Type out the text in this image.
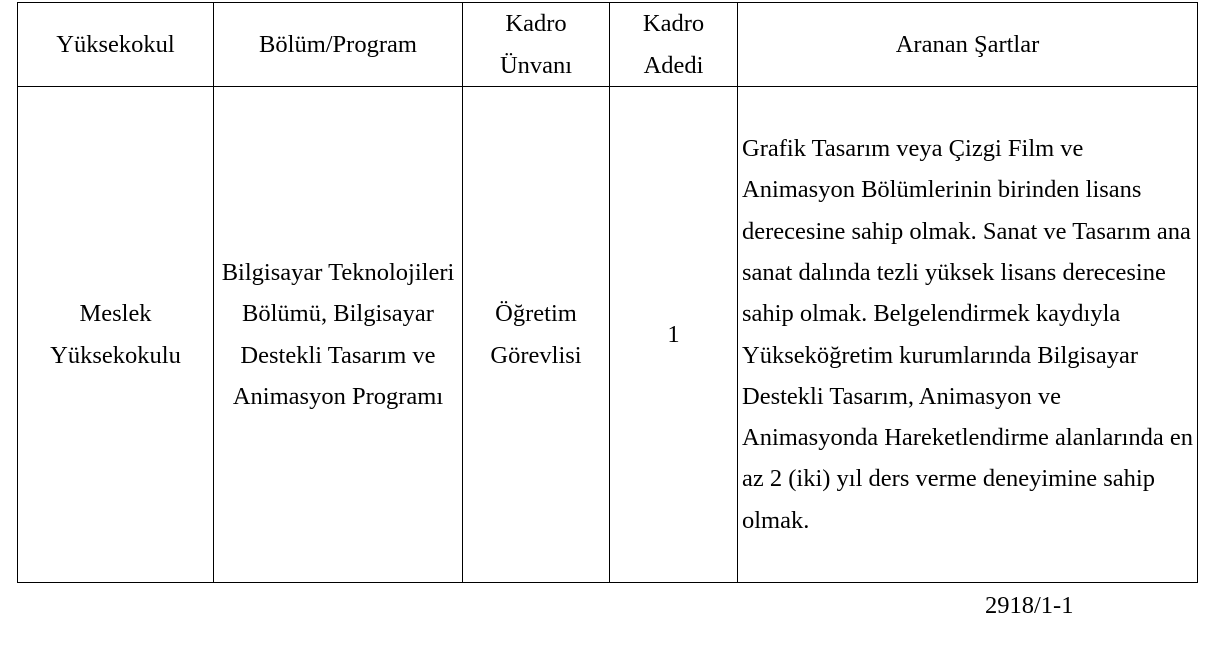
Yüksekokul	Bölüm/Program	Kadro Ünvanı	Kadro Adedi	Aranan Şartlar

Meslek Yüksekokulu	Bilgisayar Teknolojileri Bölümü, Bilgisayar Destekli Tasarım ve Animasyon Programı	Öğretim Görevlisi	1	Grafik Tasarım veya Çizgi Film ve Animasyon Bölümlerinin birinden lisans derecesine sahip olmak. Sanat ve Tasarım ana sanat dalında tezli yüksek lisans derecesine sahip olmak. Belgelendirmek kaydıyla Yükseköğretim kurumlarında Bilgisayar Destekli Tasarım, Animasyon ve Animasyonda Hareketlendirme alanlarında en az 2 (iki) yıl ders verme deneyimine sahip olmak.
2918/1-1
